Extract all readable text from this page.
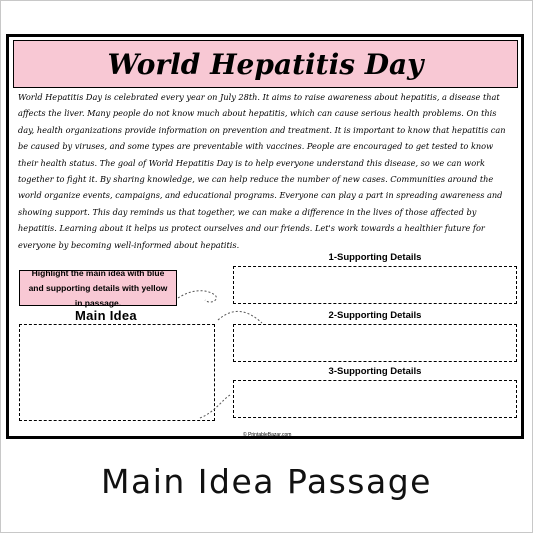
World Hepatitis Day
World Hepatitis Day is celebrated every year on July 28th. It aims to raise awareness about hepatitis, a disease that affects the liver. Many people do not know much about hepatitis, which can cause serious health problems. On this day, health organizations provide information on prevention and treatment. It is important to know that hepatitis can be caused by viruses, and some types are preventable with vaccines. People are encouraged to get tested to know their health status. The goal of World Hepatitis Day is to help everyone understand this disease, so we can work together to fight it. By sharing knowledge, we can help reduce the number of new cases. Communities around the world organize events, campaigns, and educational programs. Everyone can play a part in spreading awareness and showing support. This day reminds us that together, we can make a difference in the lives of those affected by hepatitis. Learning about it helps us protect ourselves and our friends. Let's work towards a healthier future for everyone by becoming well-informed about hepatitis.
Highlight the main idea with blue and supporting details with yellow in passage.
Main Idea
1-Supporting Details
2-Supporting Details
3-Supporting Details
© PrintableBazar.com
Main Idea Passage
